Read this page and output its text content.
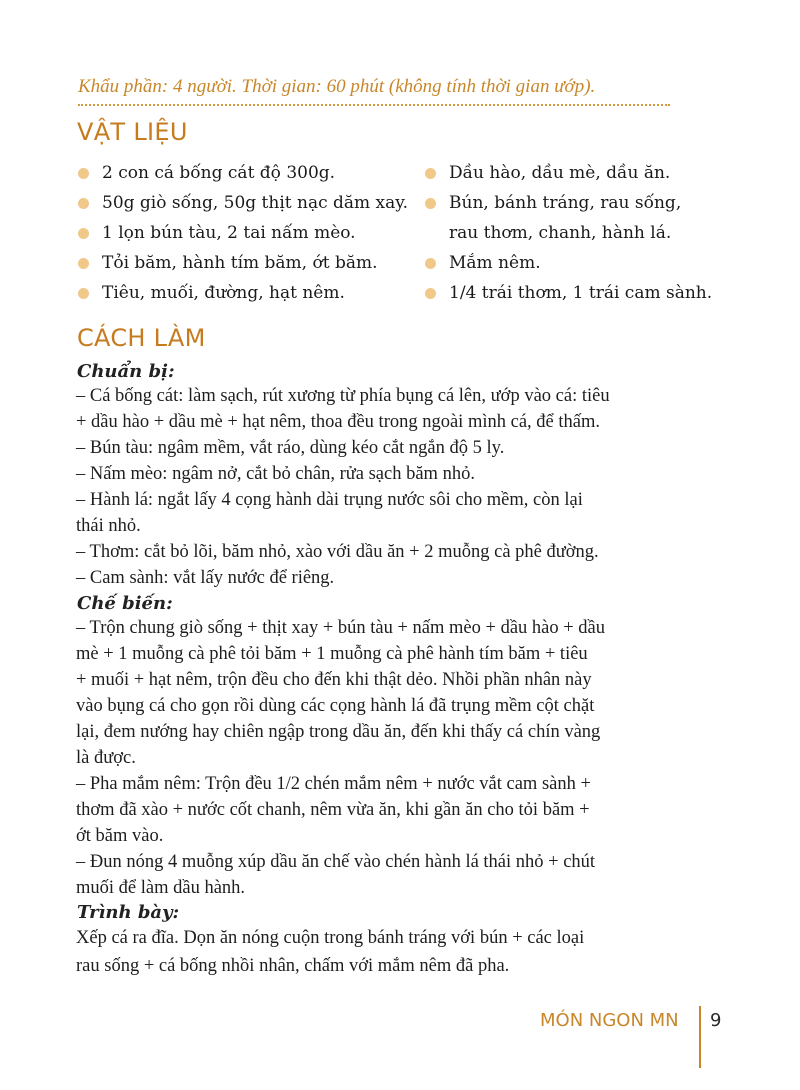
Khẩu phần: 4 người. Thời gian: 60 phút (không tính thời gian ướp).
VẬT LIỆU
2 con cá bống cát độ 300g.
50g giò sống, 50g thịt nạc dăm xay.
1 lọn bún tàu, 2 tai nấm mèo.
Tỏi băm, hành tím băm, ớt băm.
Tiêu, muối, đường, hạt nêm.
Dầu hào, dầu mè, dầu ăn.
Bún, bánh tráng, rau sống,
rau thơm, chanh, hành lá.
Mắm nêm.
1/4 trái thơm, 1 trái cam sành.
CÁCH LÀM
Chuẩn bị:
– Cá bống cát: làm sạch, rút xương từ phía bụng cá lên, ướp vào cá: tiêu
+ dầu hào + dầu mè + hạt nêm, thoa đều trong ngoài mình cá, để thấm.
– Bún tàu: ngâm mềm, vắt ráo, dùng kéo cắt ngắn độ 5 ly.
– Nấm mèo: ngâm nở, cắt bỏ chân, rửa sạch băm nhỏ.
– Hành lá: ngắt lấy 4 cọng hành dài trụng nước sôi cho mềm, còn lại
thái nhỏ.
– Thơm: cắt bỏ lõi, băm nhỏ, xào với dầu ăn + 2 muỗng cà phê đường.
– Cam sành: vắt lấy nước để riêng.
Chế biến:
– Trộn chung giò sống + thịt xay + bún tàu + nấm mèo + dầu hào + dầu
mè + 1 muỗng cà phê tỏi băm + 1 muỗng cà phê hành tím băm + tiêu
+ muối + hạt nêm, trộn đều cho đến khi thật dẻo. Nhồi phần nhân này
vào bụng cá cho gọn rồi dùng các cọng hành lá đã trụng mềm cột chặt
lại, đem nướng hay chiên ngập trong dầu ăn, đến khi thấy cá chín vàng
là được.
– Pha mắm nêm: Trộn đều 1/2 chén mắm nêm + nước vắt cam sành +
thơm đã xào + nước cốt chanh, nêm vừa ăn, khi gần ăn cho tỏi băm +
ớt băm vào.
– Đun nóng 4 muỗng xúp dầu ăn chế vào chén hành lá thái nhỏ + chút
muối để làm dầu hành.
Trình bày:
Xếp cá ra đĩa. Dọn ăn nóng cuộn trong bánh tráng với bún + các loại
rau sống + cá bống nhồi nhân, chấm với mắm nêm đã pha.
MÓN NGON MN 9
